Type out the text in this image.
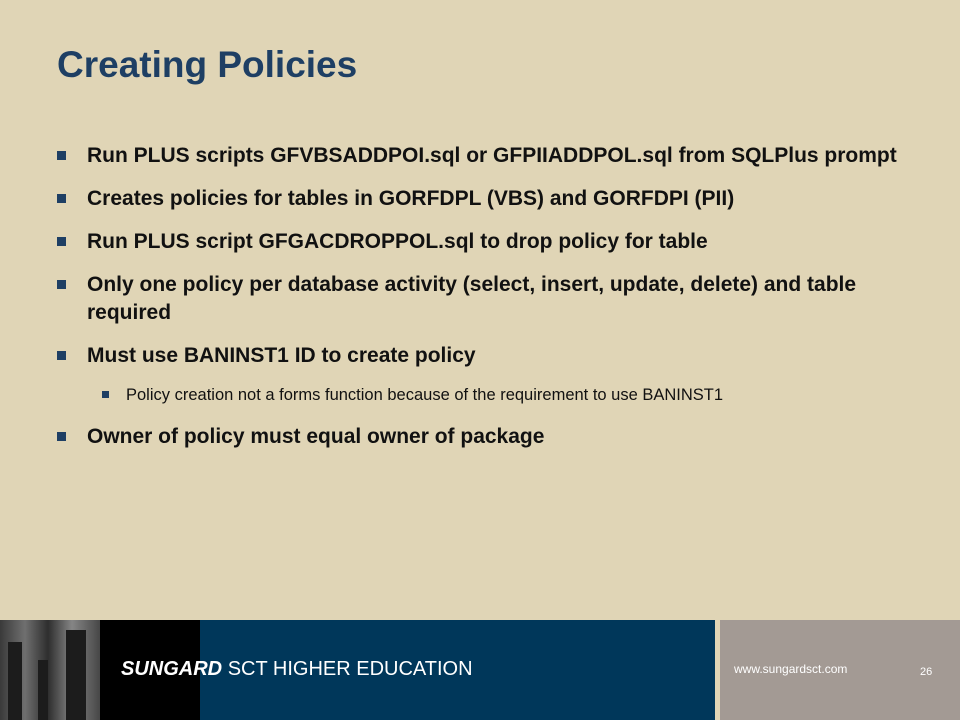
Creating Policies
Run PLUS scripts GFVBSADDPOI.sql or GFPIIADDPOL.sql from SQLPlus prompt
Creates policies for tables in GORFDPL (VBS) and GORFDPI (PII)
Run PLUS script GFGACDROPPOL.sql to drop policy for table
Only one policy per database activity (select, insert, update, delete) and table required
Must use BANINST1 ID to create policy
Policy creation not a forms function because of the requirement to use BANINST1
Owner of policy must equal owner of package
SUNGARD SCT HIGHER EDUCATION	www.sungardsct.com	26
